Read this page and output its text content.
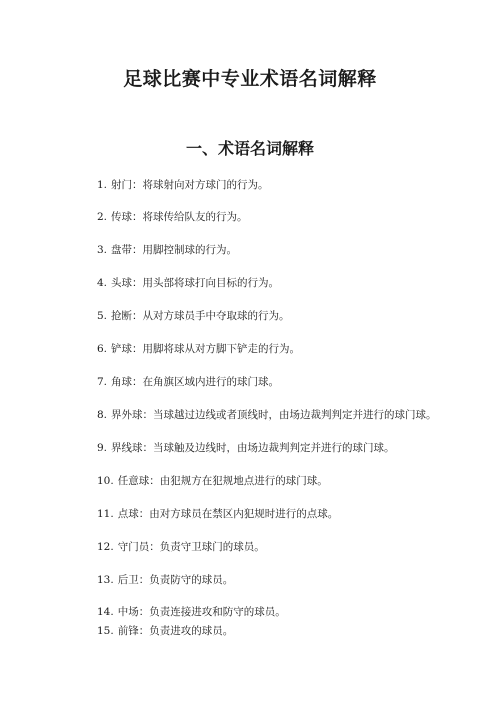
足球比赛中专业术语名词解释
一、术语名词解释
1. 射门：将球射向对方球门的行为。
2. 传球：将球传给队友的行为。
3. 盘带：用脚控制球的行为。
4. 头球：用头部将球打向目标的行为。
5. 抢断：从对方球员手中夺取球的行为。
6. 铲球：用脚将球从对方脚下铲走的行为。
7. 角球：在角旗区域内进行的球门球。
8. 界外球：当球越过边线或者顶线时，由场边裁判判定并进行的球门球。
9. 界线球：当球触及边线时，由场边裁判判定并进行的球门球。
10. 任意球：由犯规方在犯规地点进行的球门球。
11. 点球：由对方球员在禁区内犯规时进行的点球。
12. 守门员：负责守卫球门的球员。
13. 后卫：负责防守的球员。
14. 中场：负责连接进攻和防守的球员。
15. 前锋：负责进攻的球员。
